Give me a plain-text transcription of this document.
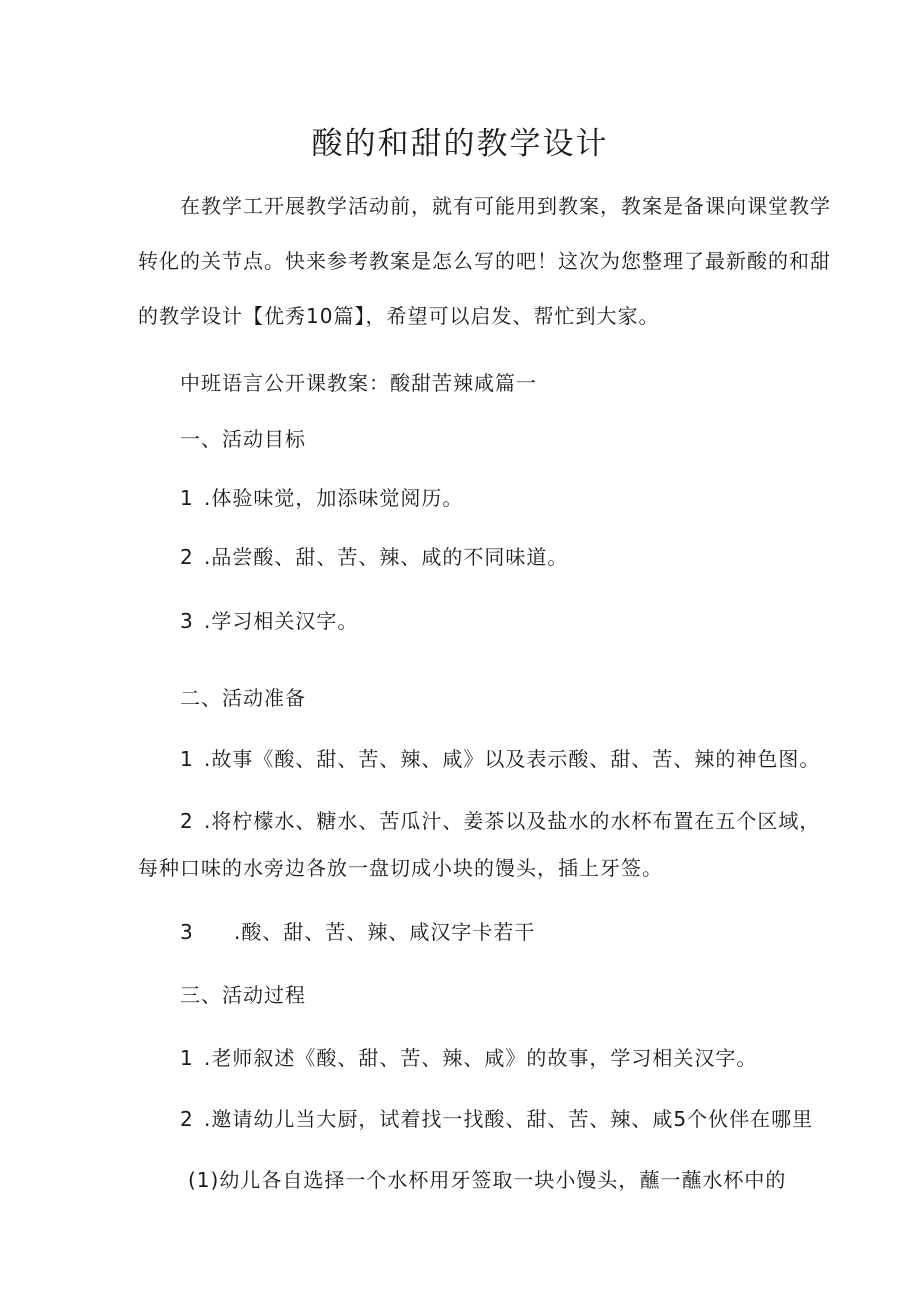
酸的和甜的教学设计
在教学工开展教学活动前，就有可能用到教案，教案是备课向课堂教学
转化的关节点。快来参考教案是怎么写的吧！这次为您整理了最新酸的和甜
的教学设计【优秀10篇】，希望可以启发、帮忙到大家。
中班语言公开课教案：酸甜苦辣咸篇一
一、活动目标
1 .体验味觉，加添味觉阅历。
2 .品尝酸、甜、苦、辣、咸的不同味道。
3 .学习相关汉字。
二、活动准备
1 .故事《酸、甜、苦、辣、咸》以及表示酸、甜、苦、辣的神色图。
2 .将柠檬水、糖水、苦瓜汁、姜茶以及盐水的水杯布置在五个区域，
每种口味的水旁边各放一盘切成小块的馒头，插上牙签。
3 .酸、甜、苦、辣、咸汉字卡若干
三、活动过程
1 .老师叙述《酸、甜、苦、辣、咸》的故事，学习相关汉字。
2 .邀请幼儿当大厨，试着找一找酸、甜、苦、辣、咸5个伙伴在哪里
(1)幼儿各自选择一个水杯用牙签取一块小馒头，蘸一蘸水杯中的
